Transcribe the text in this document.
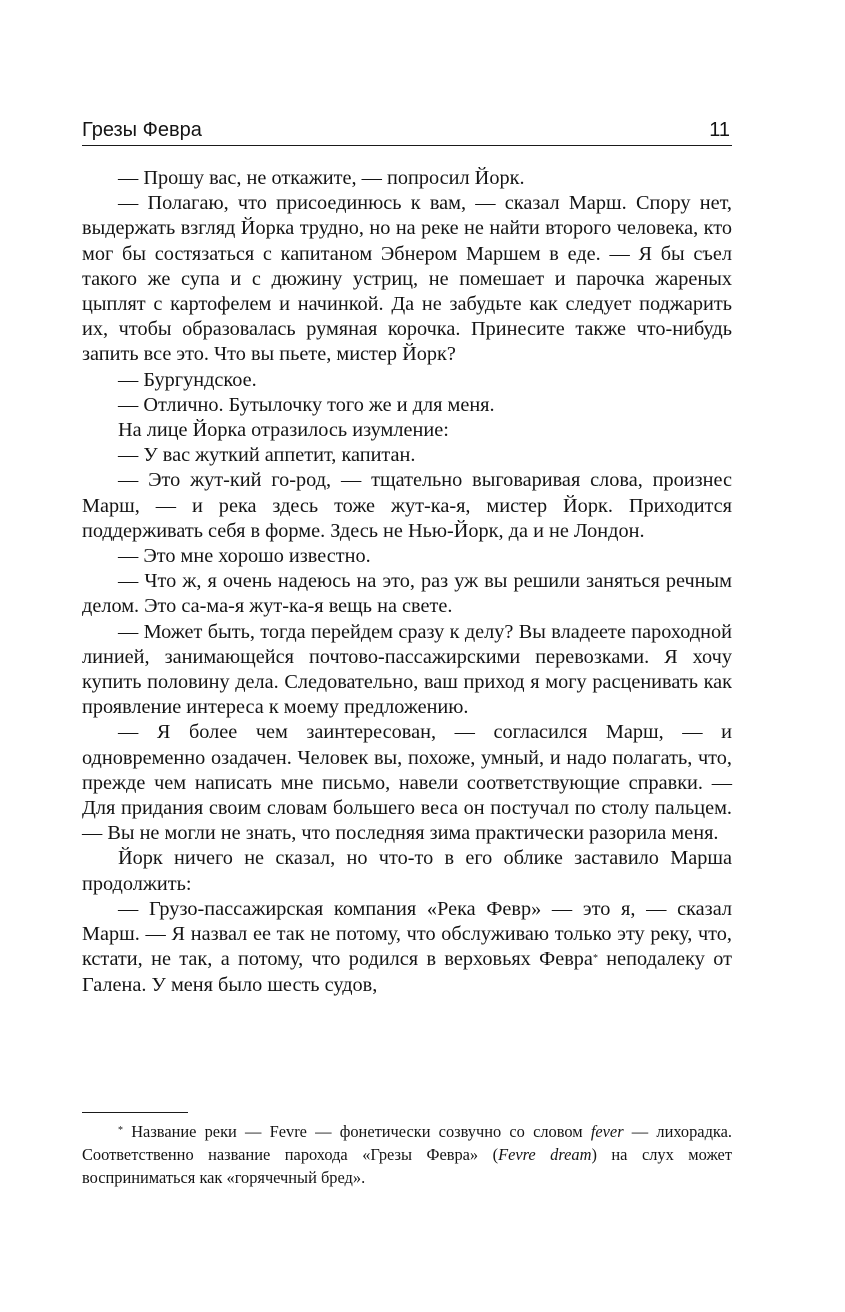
Грезы Февра	11

— Прошу вас, не откажите, — попросил Йорк.

— Полагаю, что присоединюсь к вам, — сказал Марш. Спору нет, выдержать взгляд Йорка трудно, но на реке не найти второго человека, кто мог бы состязаться с капитаном Эбнером Маршем в еде. — Я бы съел такого же супа и с дюжину устриц, не помешает и парочка жареных цыплят с картофелем и начинкой. Да не забудьте как следует поджарить их, чтобы образовалась румяная корочка. Принесите также что-нибудь запить все это. Что вы пьете, мистер Йорк?

— Бургундское.

— Отлично. Бутылочку того же и для меня.

На лице Йорка отразилось изумление:

— У вас жуткий аппетит, капитан.

— Это жут-кий го-род, — тщательно выговаривая слова, произнес Марш, — и река здесь тоже жут-ка-я, мистер Йорк. Приходится поддерживать себя в форме. Здесь не Нью-Йорк, да и не Лондон.

— Это мне хорошо известно.

— Что ж, я очень надеюсь на это, раз уж вы решили заняться речным делом. Это са-ма-я жут-ка-я вещь на свете.

— Может быть, тогда перейдем сразу к делу? Вы владеете пароходной линией, занимающейся почтово-пассажирскими перевозками. Я хочу купить половину дела. Следовательно, ваш приход я могу расценивать как проявление интереса к моему предложению.

— Я более чем заинтересован, — согласился Марш, — и одновременно озадачен. Человек вы, похоже, умный, и надо полагать, что, прежде чем написать мне письмо, навели соответствующие справки. — Для придания своим словам большего веса он постучал по столу пальцем. — Вы не могли не знать, что последняя зима практически разорила меня.

Йорк ничего не сказал, но что-то в его облике заставило Марша продолжить:

— Грузо-пассажирская компания «Река Февр» — это я, — сказал Марш. — Я назвал ее так не потому, что обслуживаю только эту реку, что, кстати, не так, а потому, что родился в верховьях Февра* неподалеку от Галена. У меня было шесть судов,

* Название реки — Fevre — фонетически созвучно со словом fever — лихорадка. Соответственно название парохода «Грезы Февра» (Fevre dream) на слух может восприниматься как «горячечный бред».
